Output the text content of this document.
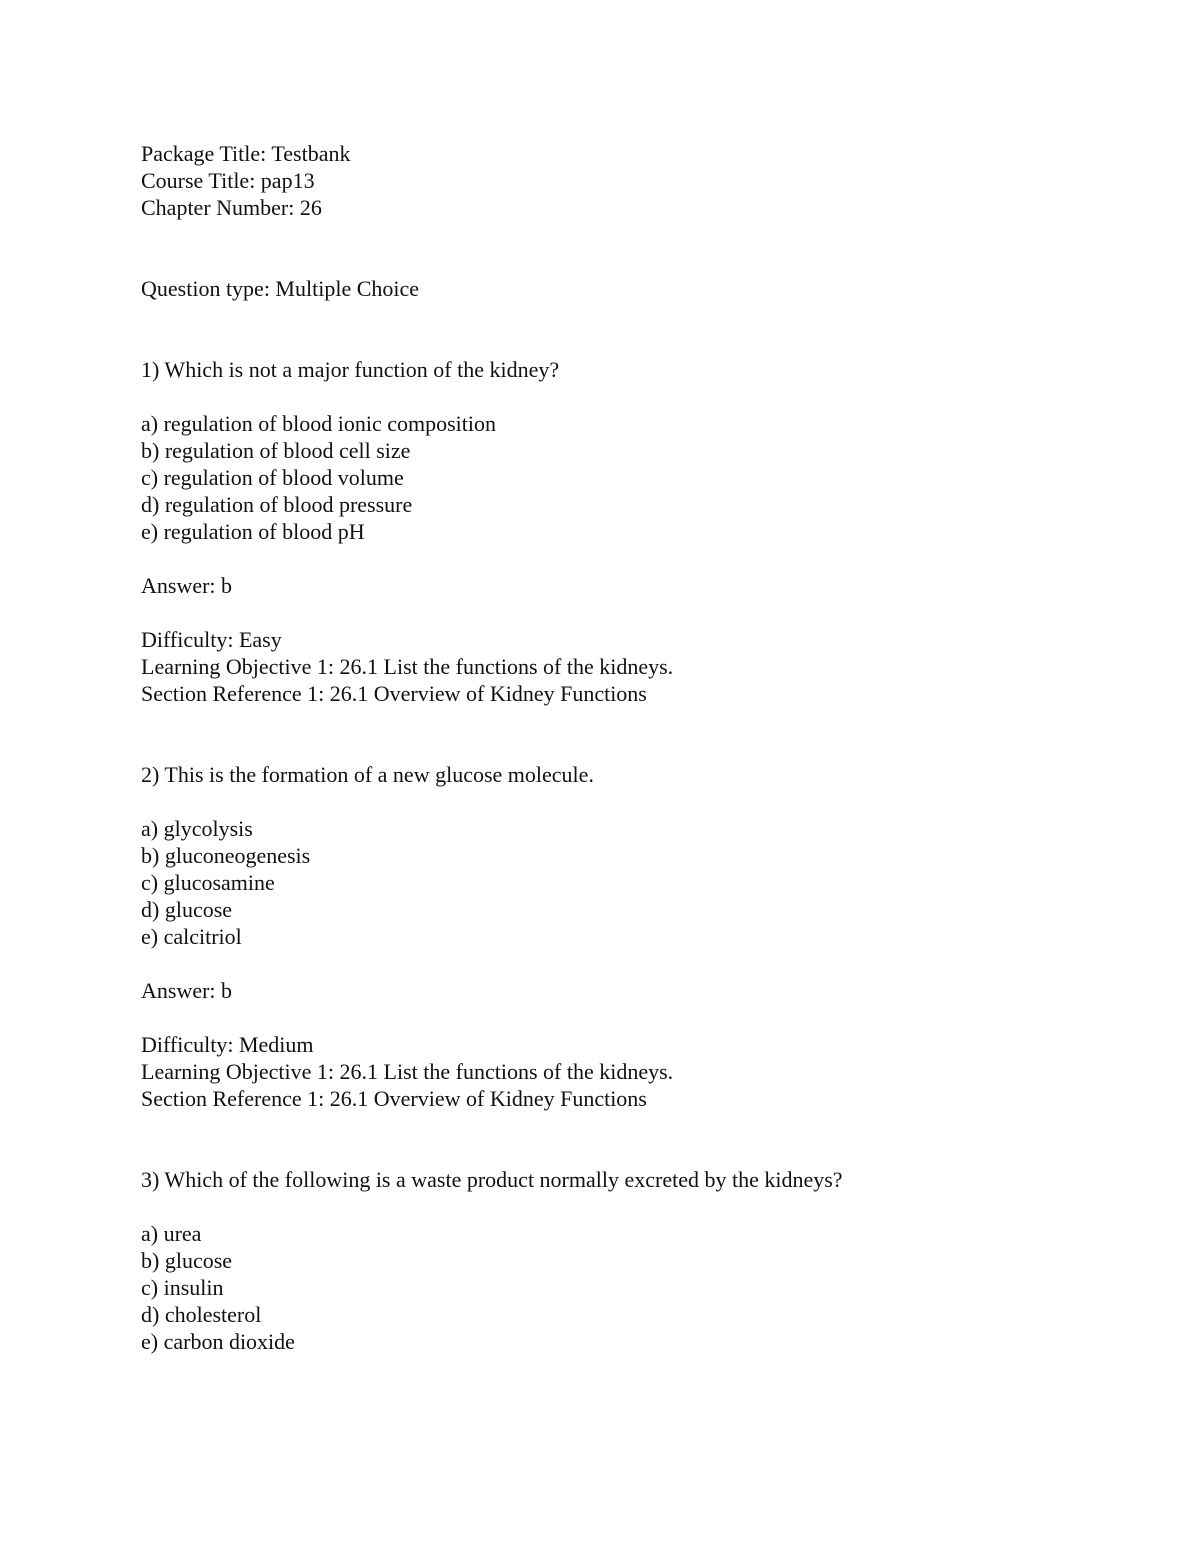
Package Title: Testbank
Course Title: pap13
Chapter Number: 26
Question type: Multiple Choice
1) Which is not a major function of the kidney?
a) regulation of blood ionic composition
b) regulation of blood cell size
c) regulation of blood volume
d) regulation of blood pressure
e) regulation of blood pH
Answer: b
Difficulty: Easy
Learning Objective 1: 26.1 List the functions of the kidneys.
Section Reference 1: 26.1 Overview of Kidney Functions
2) This is the formation of a new glucose molecule.
a) glycolysis
b) gluconeogenesis
c) glucosamine
d) glucose
e) calcitriol
Answer: b
Difficulty: Medium
Learning Objective 1: 26.1 List the functions of the kidneys.
Section Reference 1: 26.1 Overview of Kidney Functions
3) Which of the following is a waste product normally excreted by the kidneys?
a) urea
b) glucose
c) insulin
d) cholesterol
e) carbon dioxide
